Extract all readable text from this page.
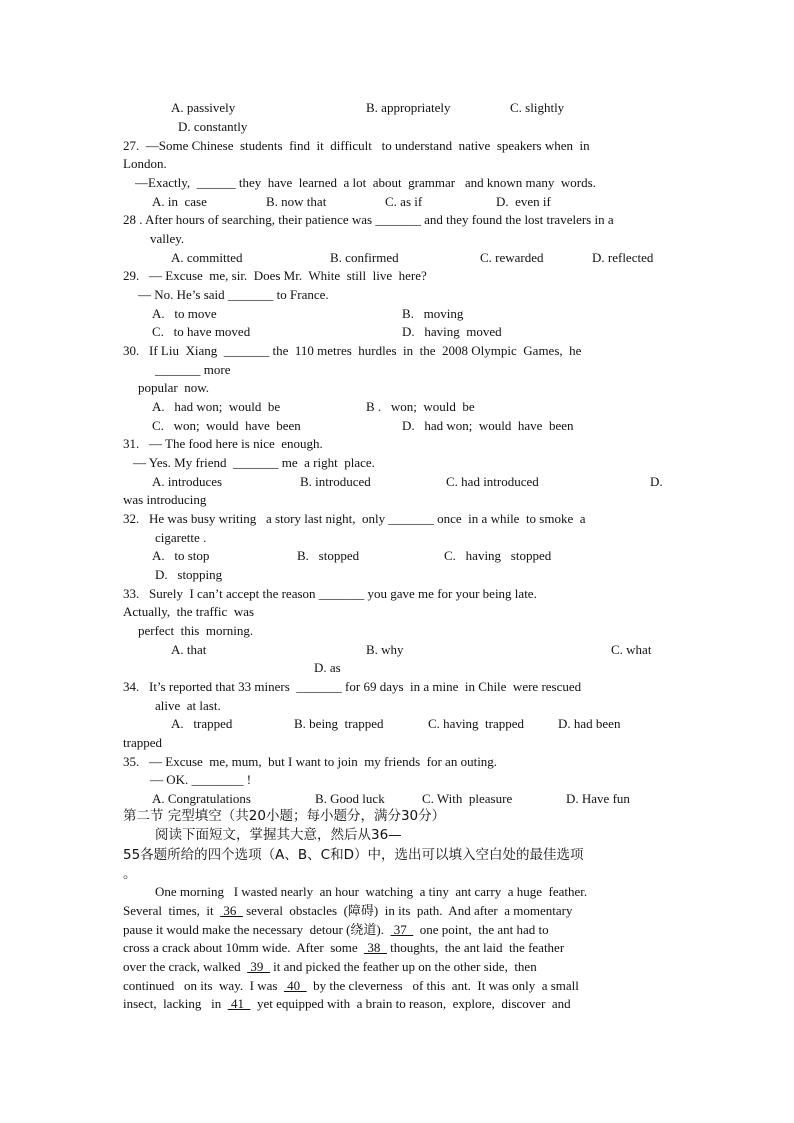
A. passively	B. appropriately	C. slightly
D. constantly
27.  —Some Chinese  students  find  it  difficult   to understand  native  speakers when  in
London.
—Exactly,  ______ they  have  learned  a lot  about  grammar   and known many  words.
A. in  case	B. now that	C. as if	D.  even if
28 . After hours of searching, their patience was _______ and they found the lost travelers in a
valley.
A. committed	B. confirmed	C. rewarded	D. reflected
29.   — Excuse  me, sir.  Does Mr.  White  still  live  here?
— No. He’s said _______ to France.
A.   to move	B.   moving
C.   to have moved	D.   having  moved
30.   If Liu  Xiang  _______ the  110 metres  hurdles  in  the  2008 Olympic  Games,  he
_______ more
popular  now.
A.   had won;  would  be	B .   won;  would  be
C.   won;  would  have  been	D.   had won;  would  have  been
31.   — The food here is nice  enough.
— Yes. My friend  _______ me  a right  place.
A. introduces	B. introduced	C. had introduced	D.
was introducing
32.   He was busy writing   a story last night,  only _______ once  in a while  to smoke  a
cigarette .
A.   to stop	B.   stopped	C.   having   stopped
D.   stopping
33.   Surely  I can’t accept the reason _______ you gave me for your being late.
Actually,  the traffic  was
perfect  this  morning.
A. that	B. why	C. what
D. as
34.   It’s reported that 33 miners  _______ for 69 days  in a mine  in Chile  were rescued
alive  at last.
A.   trapped	B. being  trapped	C. having  trapped	D. had been
trapped
35.   — Excuse  me, mum,  but I want to join  my friends  for an outing.
— OK. ________ !
A. Congratulations	B. Good luck	C. With  pleasure	D. Have fun
第二节 完型填空（共20小题；每小题分，满分30分）
阅读下面短文，掌握其大意，然后从36—
55各题所给的四个选项（A、B、C和D）中，选出可以填入空白处的最佳选项
。
One morning   I wasted nearly  an hour  watching  a tiny  ant carry  a huge  feather.
Several  times,  it   36   several  obstacles  (障碍)  in its  path.  And after  a momentary
pause it would make the necessary  detour (绕道).   37    one point,  the ant had to
cross a crack about 10mm wide.  After  some   38   thoughts,  the ant laid  the feather
over the crack, walked   39   it and picked the feather up on the other side,  then
continued   on its  way.  I was   40    by the cleverness   of this  ant.  It was only  a small
insect,  lacking   in   41    yet equipped with  a brain to reason,  explore,  discover  and
